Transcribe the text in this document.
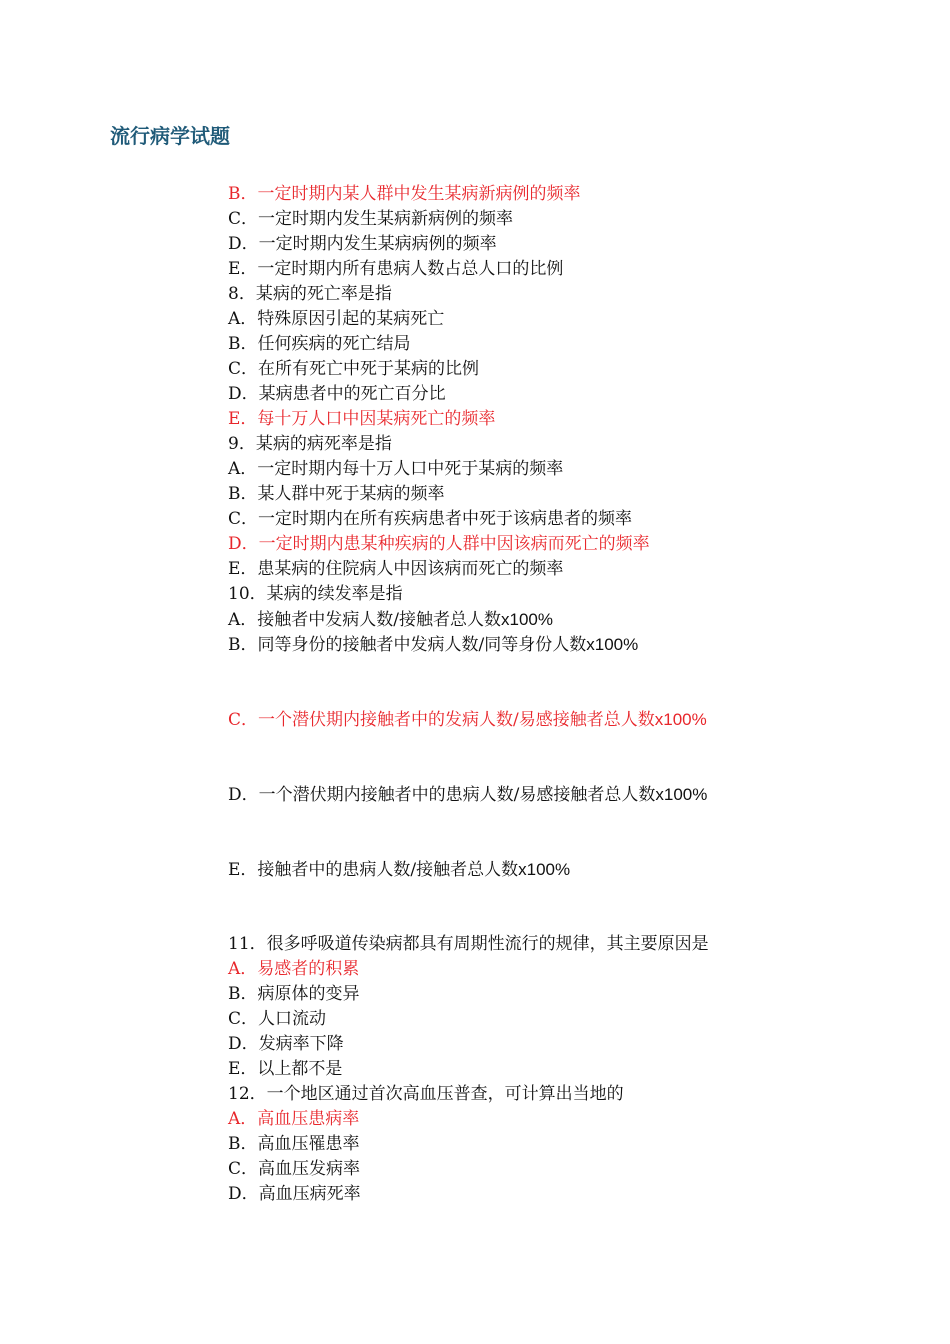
流行病学试题
B．一定时期内某人群中发生某病新病例的频率
C．一定时期内发生某病新病例的频率
D．一定时期内发生某病病例的频率
E．一定时期内所有患病人数占总人口的比例
8．某病的死亡率是指
A．特殊原因引起的某病死亡
B．任何疾病的死亡结局
C．在所有死亡中死于某病的比例
D．某病患者中的死亡百分比
E．每十万人口中因某病死亡的频率
9．某病的病死率是指
A．一定时期内每十万人口中死于某病的频率
B．某人群中死于某病的频率
C．一定时期内在所有疾病患者中死于该病患者的频率
D．一定时期内患某种疾病的人群中因该病而死亡的频率
E．患某病的住院病人中因该病而死亡的频率
10．某病的续发率是指
A．接触者中发病人数/接触者总人数x100%
B．同等身份的接触者中发病人数/同等身份人数x100%
C．一个潜伏期内接触者中的发病人数/易感接触者总人数x100%
D．一个潜伏期内接触者中的患病人数/易感接触者总人数x100%
E．接触者中的患病人数/接触者总人数x100%
11．很多呼吸道传染病都具有周期性流行的规律，其主要原因是
A．易感者的积累
B．病原体的变异
C．人口流动
D．发病率下降
E．以上都不是
12．一个地区通过首次高血压普查，可计算出当地的
A．高血压患病率
B．高血压罹患率
C．高血压发病率
D．高血压病死率
